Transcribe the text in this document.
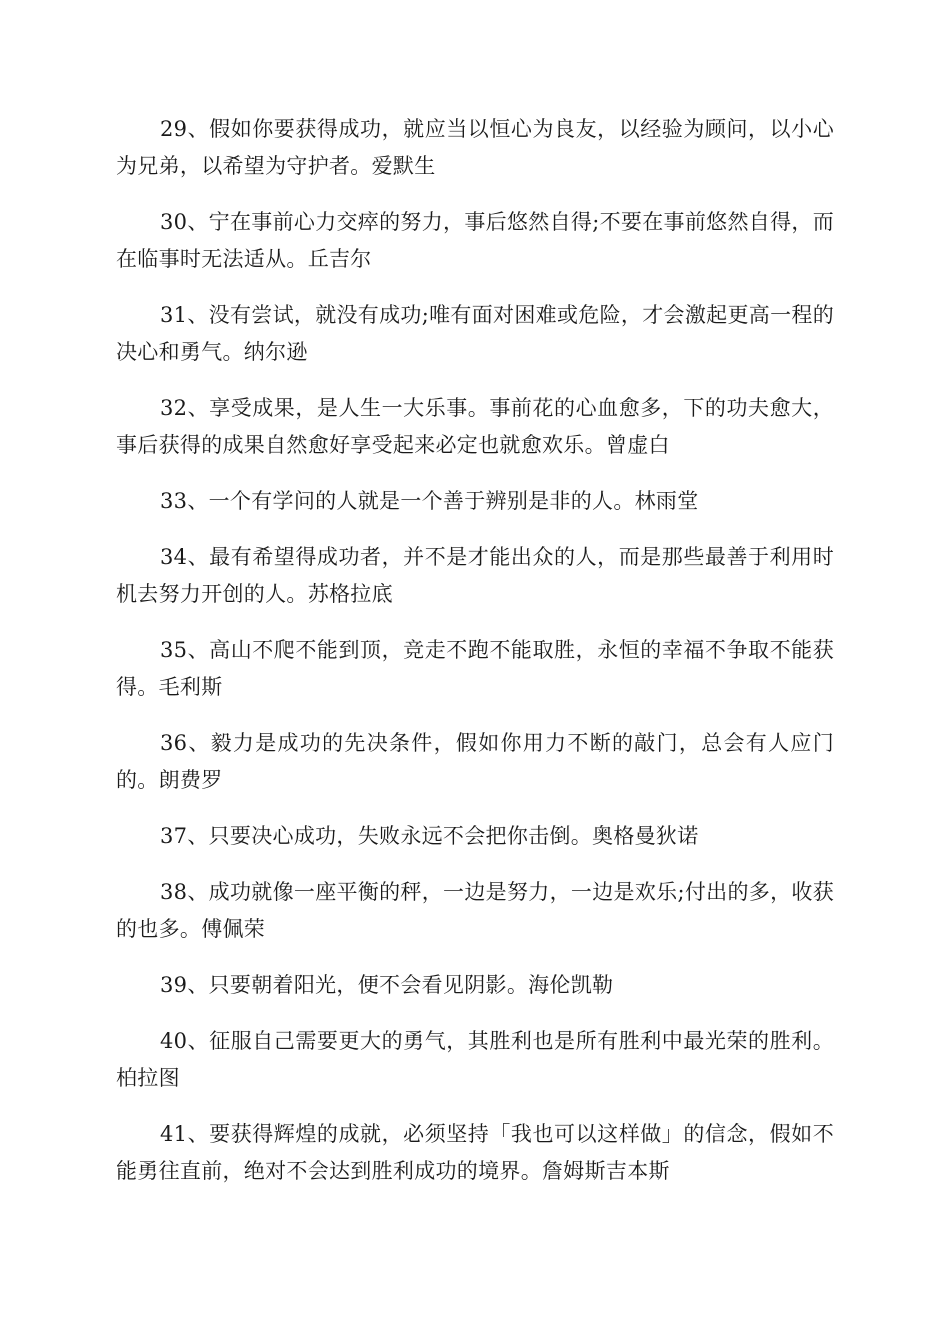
29、假如你要获得成功，就应当以恒心为良友，以经验为顾问，以小心为兄弟，以希望为守护者。爱默生

30、宁在事前心力交瘁的努力，事后悠然自得;不要在事前悠然自得，而在临事时无法适从。丘吉尔

31、没有尝试，就没有成功;唯有面对困难或危险，才会激起更高一程的决心和勇气。纳尔逊

32、享受成果，是人生一大乐事。事前花的心血愈多，下的功夫愈大，事后获得的成果自然愈好享受起来必定也就愈欢乐。曾虚白

33、一个有学问的人就是一个善于辨别是非的人。林雨堂

34、最有希望得成功者，并不是才能出众的人，而是那些最善于利用时机去努力开创的人。苏格拉底

35、高山不爬不能到顶，竞走不跑不能取胜，永恒的幸福不争取不能获得。毛利斯

36、毅力是成功的先决条件，假如你用力不断的敲门，总会有人应门的。朗费罗

37、只要决心成功，失败永远不会把你击倒。奥格曼狄诺

38、成功就像一座平衡的秤，一边是努力，一边是欢乐;付出的多，收获的也多。傅佩荣

39、只要朝着阳光，便不会看见阴影。海伦凯勒

40、征服自己需要更大的勇气，其胜利也是所有胜利中最光荣的胜利。柏拉图

41、要获得辉煌的成就，必须坚持「我也可以这样做」的信念，假如不能勇往直前，绝对不会达到胜利成功的境界。詹姆斯吉本斯
